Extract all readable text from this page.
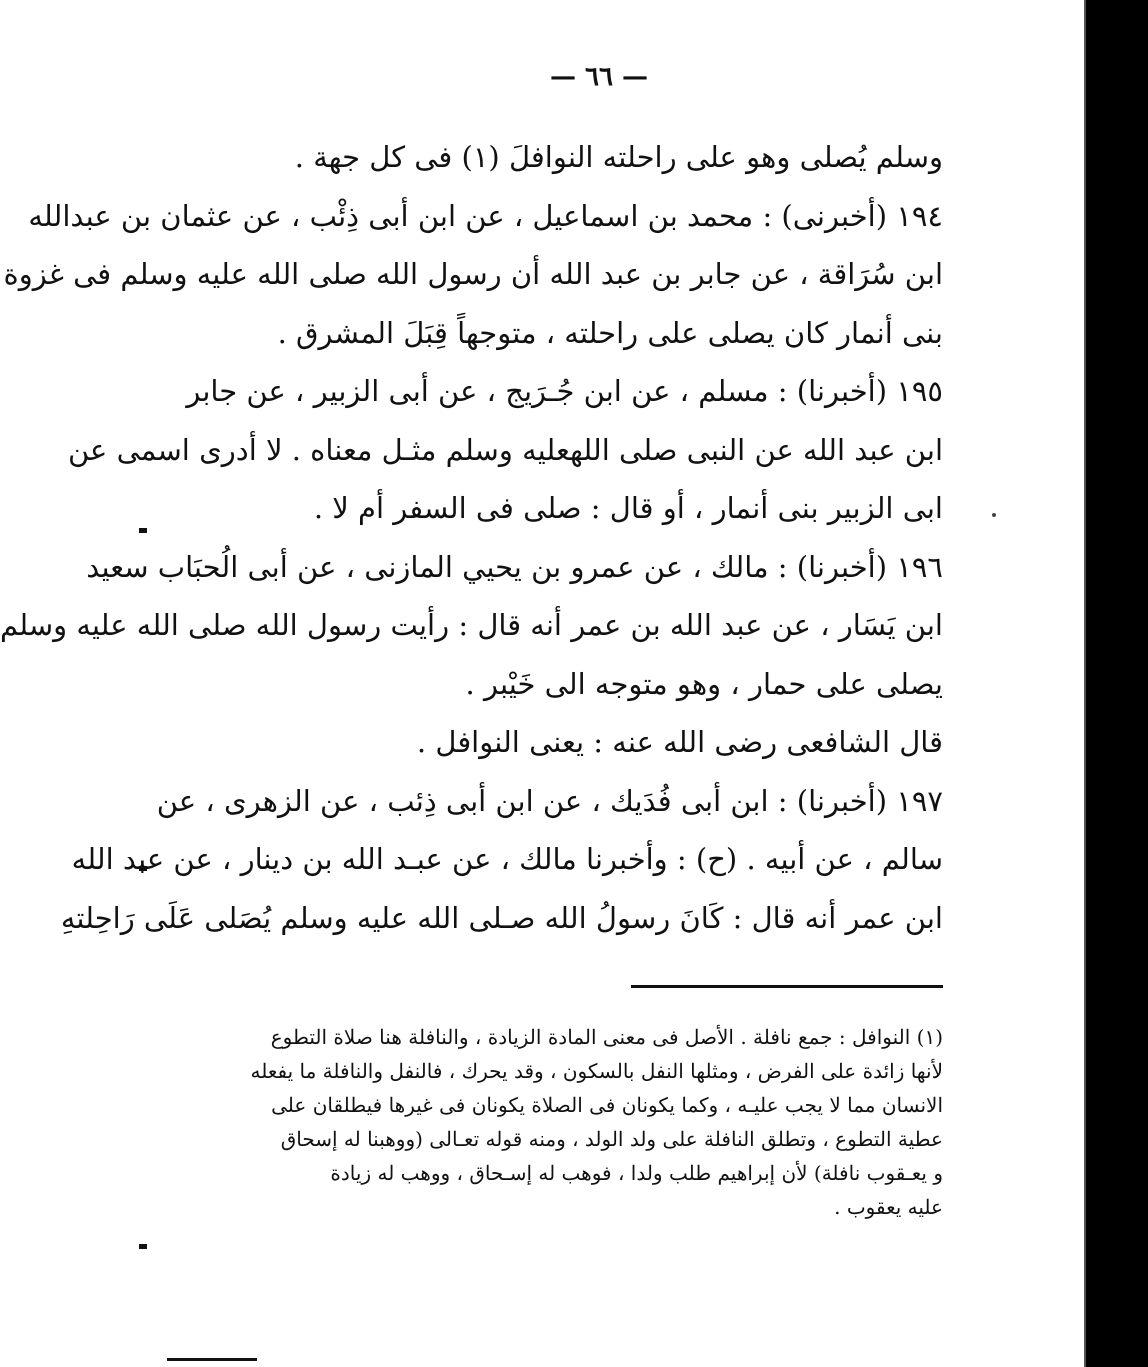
— ٦٦ —
وسلم يُصلى وهو على راحلته النوافلَ (١) فى كل جهة .
١٩٤ (أخبرنى) : محمد بن اسماعيل ، عن ابن أبى ذِئْب ، عن عثمان بن عبدالله
ابن سُرَاقة ، عن جابر بن عبد الله أن رسول الله صلى الله عليه وسلم فى غزوة
بنى أنمار كان يصلى على راحلته ، متوجهاً قِبَلَ المشرق .
١٩٥ (أخبرنا) : مسلم ، عن ابن جُـرَيج ، عن أبى الزبير ، عن جابر
ابن عبد الله عن النبى صلى اللهعليه وسلم مثـل معناه . لا أدرى اسمى عن
ابى الزبير بنى أنمار ، أو قال : صلى فى السفر أم لا .
١٩٦ (أخبرنا) : مالك ، عن عمرو بن يحيي المازنى ، عن أبى الُحبَاب سعيد
ابن يَسَار ، عن عبد الله بن عمر أنه قال : رأيت رسول الله صلى الله عليه وسلم
يصلى على حمار ، وهو متوجه الى خَيْبر .
قال الشافعى رضى الله عنه : يعنى النوافل .
١٩٧ (أخبرنا) : ابن أبى فُدَيك ، عن ابن أبى ذِئب ، عن الزهرى ، عن
سالم ، عن أبيه . (ح) : وأخبرنا مالك ، عن عبـد الله بن دينار ، عن عبد الله
ابن عمر أنه قال : كَانَ رسولُ الله صـلى الله عليه وسلم يُصَلى عَلَى رَاحِلتهِ
(١) النوافل : جمع نافلة . الأصل فى معنى المادة الزيادة ، والنافلة هنا صلاة التطوع
لأنها زائدة على الفرض ، ومثلها النفل بالسكون ، وقد يحرك ، فالنفل والنافلة ما يفعله
الانسان مما لا يجب عليـه ، وكما يكونان فى الصلاة يكونان فى غيرها فيطلقان على
عطية التطوع ، وتطلق النافلة على ولد الولد ، ومنه قوله تعـالى (ووهبنا له إسحاق
و يعـقوب نافلة) لأن إبراهيم طلب ولدا ، فوهب له إسـحاق ، ووهب له زيادة
عليه يعقوب .
